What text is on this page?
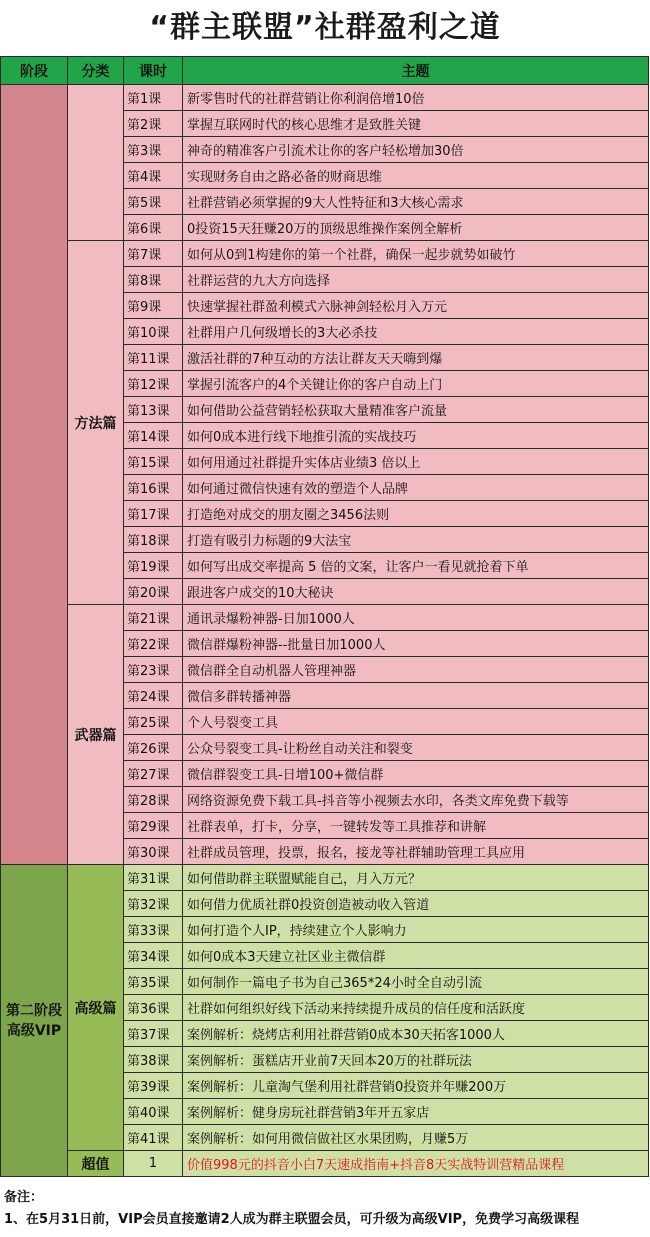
“群主联盟”社群盈利之道
阶段	分类	课时	主题
		第1课	新零售时代的社群营销让你利润倍增10倍
		第2课	掌握互联网时代的核心思维才是致胜关键
		第3课	神奇的精准客户引流术让你的客户轻松增加30倍
		第4课	实现财务自由之路必备的财商思维
		第5课	社群营销必须掌握的9大人性特征和3大核心需求
		第6课	0投资15天狂赚20万的顶级思维操作案例全解析
	方法篇	第7课	如何从0到1构建你的第一个社群，确保一起步就势如破竹
		第8课	社群运营的九大方向选择
		第9课	快速掌握社群盈利模式六脉神剑轻松月入万元
		第10课	社群用户几何级增长的3大必杀技
		第11课	激活社群的7种互动的方法让群友天天嗨到爆
		第12课	掌握引流客户的4个关键让你的客户自动上门
		第13课	如何借助公益营销轻松获取大量精准客户流量
		第14课	如何0成本进行线下地推引流的实战技巧
		第15课	如何用通过社群提升实体店业绩3 倍以上
		第16课	如何通过微信快速有效的塑造个人品牌
		第17课	打造绝对成交的朋友圈之3456法则
		第18课	打造有吸引力标题的9大法宝
		第19课	如何写出成交率提高 5 倍的文案，让客户一看见就抢着下单
		第20课	跟进客户成交的10大秘诀
	武器篇	第21课	通讯录爆粉神器-日加1000人
		第22课	微信群爆粉神器--批量日加1000人
		第23课	微信群全自动机器人管理神器
		第24课	微信多群转播神器
		第25课	个人号裂变工具
		第26课	公众号裂变工具-让粉丝自动关注和裂变
		第27课	微信群裂变工具-日增100+微信群
		第28课	网络资源免费下载工具-抖音等小视频去水印，各类文库免费下载等
		第29课	社群表单，打卡，分享，一键转发等工具推荐和讲解
		第30课	社群成员管理，投票，报名，接龙等社群辅助管理工具应用

第二阶段
高级VIP	高级篇	第31课	如何借助群主联盟赋能自己，月入万元？
		第32课	如何借力优质社群0投资创造被动收入管道
		第33课	如何打造个人IP，持续建立个人影响力
		第34课	如何0成本3天建立社区业主微信群
		第35课	如何制作一篇电子书为自己365*24小时全自动引流
		第36课	社群如何组织好线下活动来持续提升成员的信任度和活跃度
		第37课	案例解析：烧烤店利用社群营销0成本30天拓客1000人
		第38课	案例解析：蛋糕店开业前7天回本20万的社群玩法
		第39课	案例解析：儿童淘气堡利用社群营销0投资并年赚200万
		第40课	案例解析：健身房玩社群营销3年开五家店
		第41课	案例解析：如何用微信做社区水果团购，月赚5万
	超值	1	价值998元的抖音小白7天速成指南+抖音8天实战特训营精品课程
备注：
1、在5月31日前，VIP会员直接邀请2人成为群主联盟会员，可升级为高级VIP，免费学习高级课程
